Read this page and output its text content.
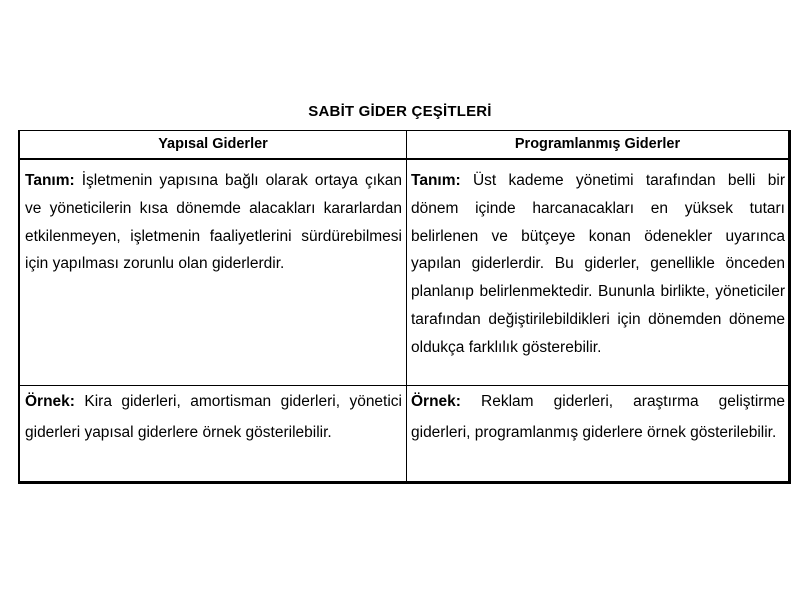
SABİT GİDER ÇEŞİTLERİ
Yapısal Giderler	Programlanmış Giderler
Tanım: İşletmenin yapısına bağlı olarak ortaya çıkan ve yöneticilerin kısa dönemde alacakları kararlardan etkilenmeyen, işletmenin faaliyetlerini sürdürebilmesi için yapılması zorunlu olan giderlerdir.
Tanım: Üst kademe yönetimi tarafından belli bir dönem içinde harcanacakları en yüksek tutarı belirlenen ve bütçeye konan ödenekler uyarınca yapılan giderlerdir. Bu giderler, genellikle önceden planlanıp belirlenmektedir. Bununla birlikte, yöneticiler tarafından değiştirilebildikleri için dönemden döneme oldukça farklılık gösterebilir.
Örnek: Kira giderleri, amortisman giderleri, yönetici giderleri yapısal giderlere örnek gösterilebilir.
Örnek: Reklam giderleri, araştırma geliştirme giderleri, programlanmış giderlere örnek gösterilebilir.
